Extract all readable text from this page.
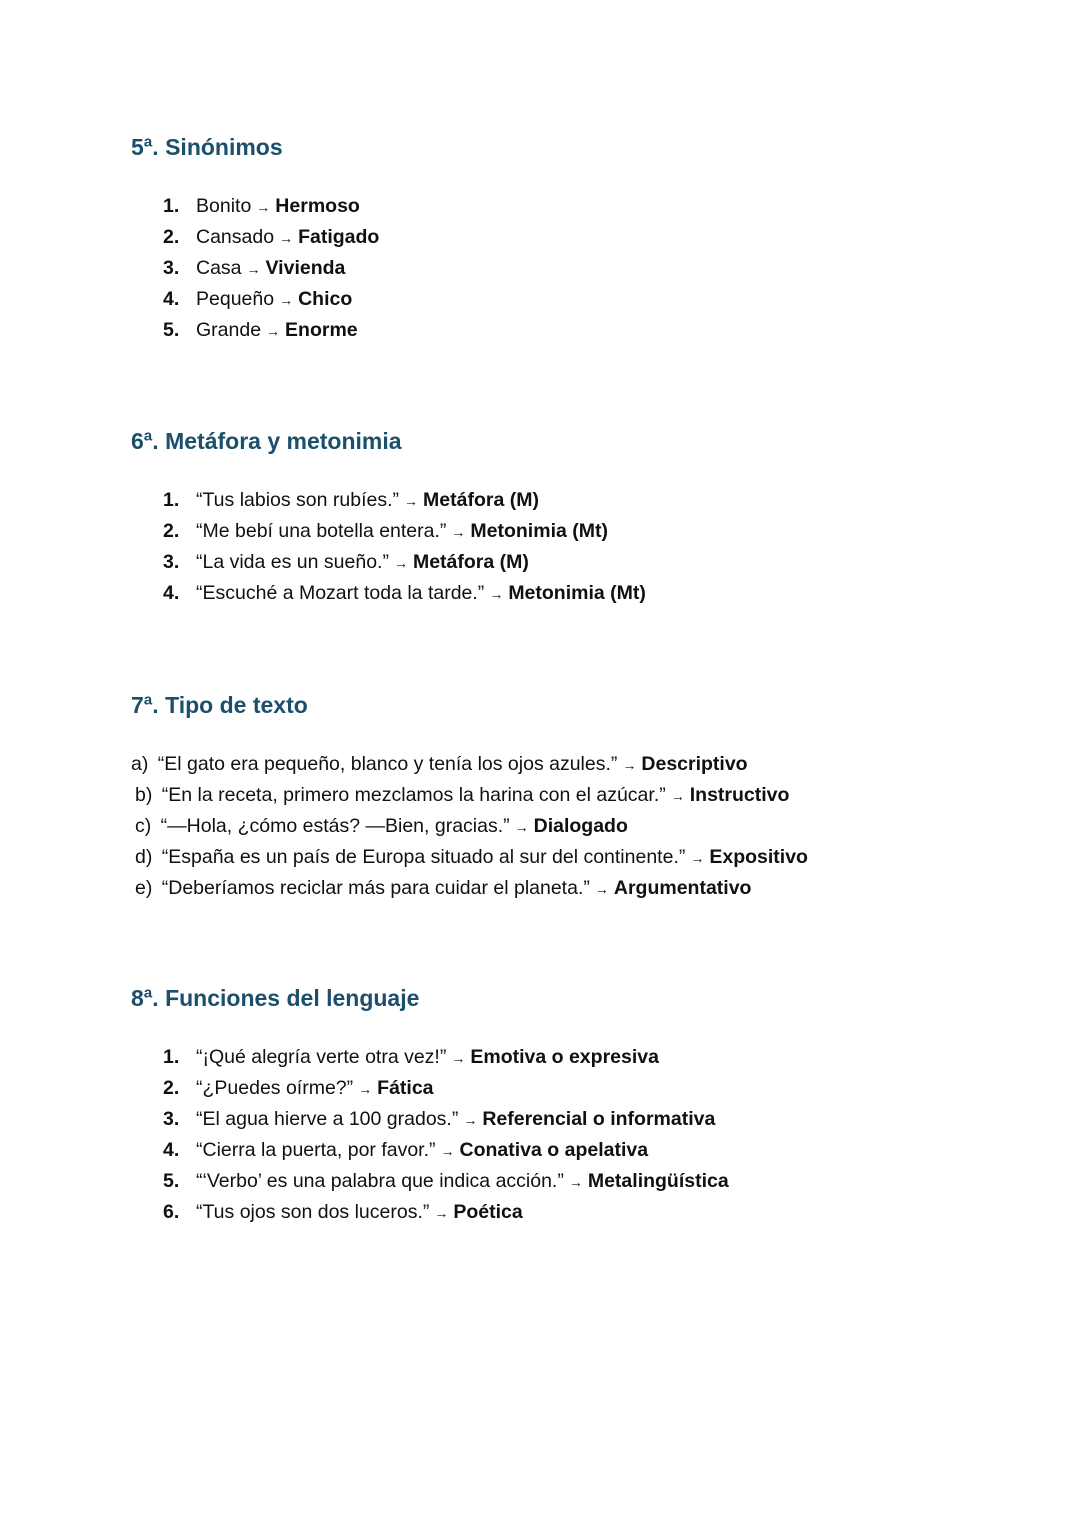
5ª. Sinónimos
1. Bonito → Hermoso
2. Cansado → Fatigado
3. Casa → Vivienda
4. Pequeño → Chico
5. Grande → Enorme
6ª. Metáfora y metonimia
1. “Tus labios son rubíes.” → Metáfora (M)
2. “Me bebí una botella entera.” → Metonimia (Mt)
3. “La vida es un sueño.” → Metáfora (M)
4. “Escuché a Mozart toda la tarde.” → Metonimia (Mt)
7ª. Tipo de texto
a) “El gato era pequeño, blanco y tenía los ojos azules.” → Descriptivo
b) “En la receta, primero mezclamos la harina con el azúcar.” → Instructivo
c) “—Hola, ¿cómo estás? —Bien, gracias.” → Dialogado
d) “España es un país de Europa situado al sur del continente.” → Expositivo
e) “Deberíamos reciclar más para cuidar el planeta.” → Argumentativo
8ª. Funciones del lenguaje
1. “¡Qué alegría verte otra vez!” → Emotiva o expresiva
2. “¿Puedes oírme?” → Fática
3. “El agua hierve a 100 grados.” → Referencial o informativa
4. “Cierra la puerta, por favor.” → Conativa o apelativa
5. “‘Verbo’ es una palabra que indica acción.” → Metalingüística
6. “Tus ojos son dos luceros.” → Poética
